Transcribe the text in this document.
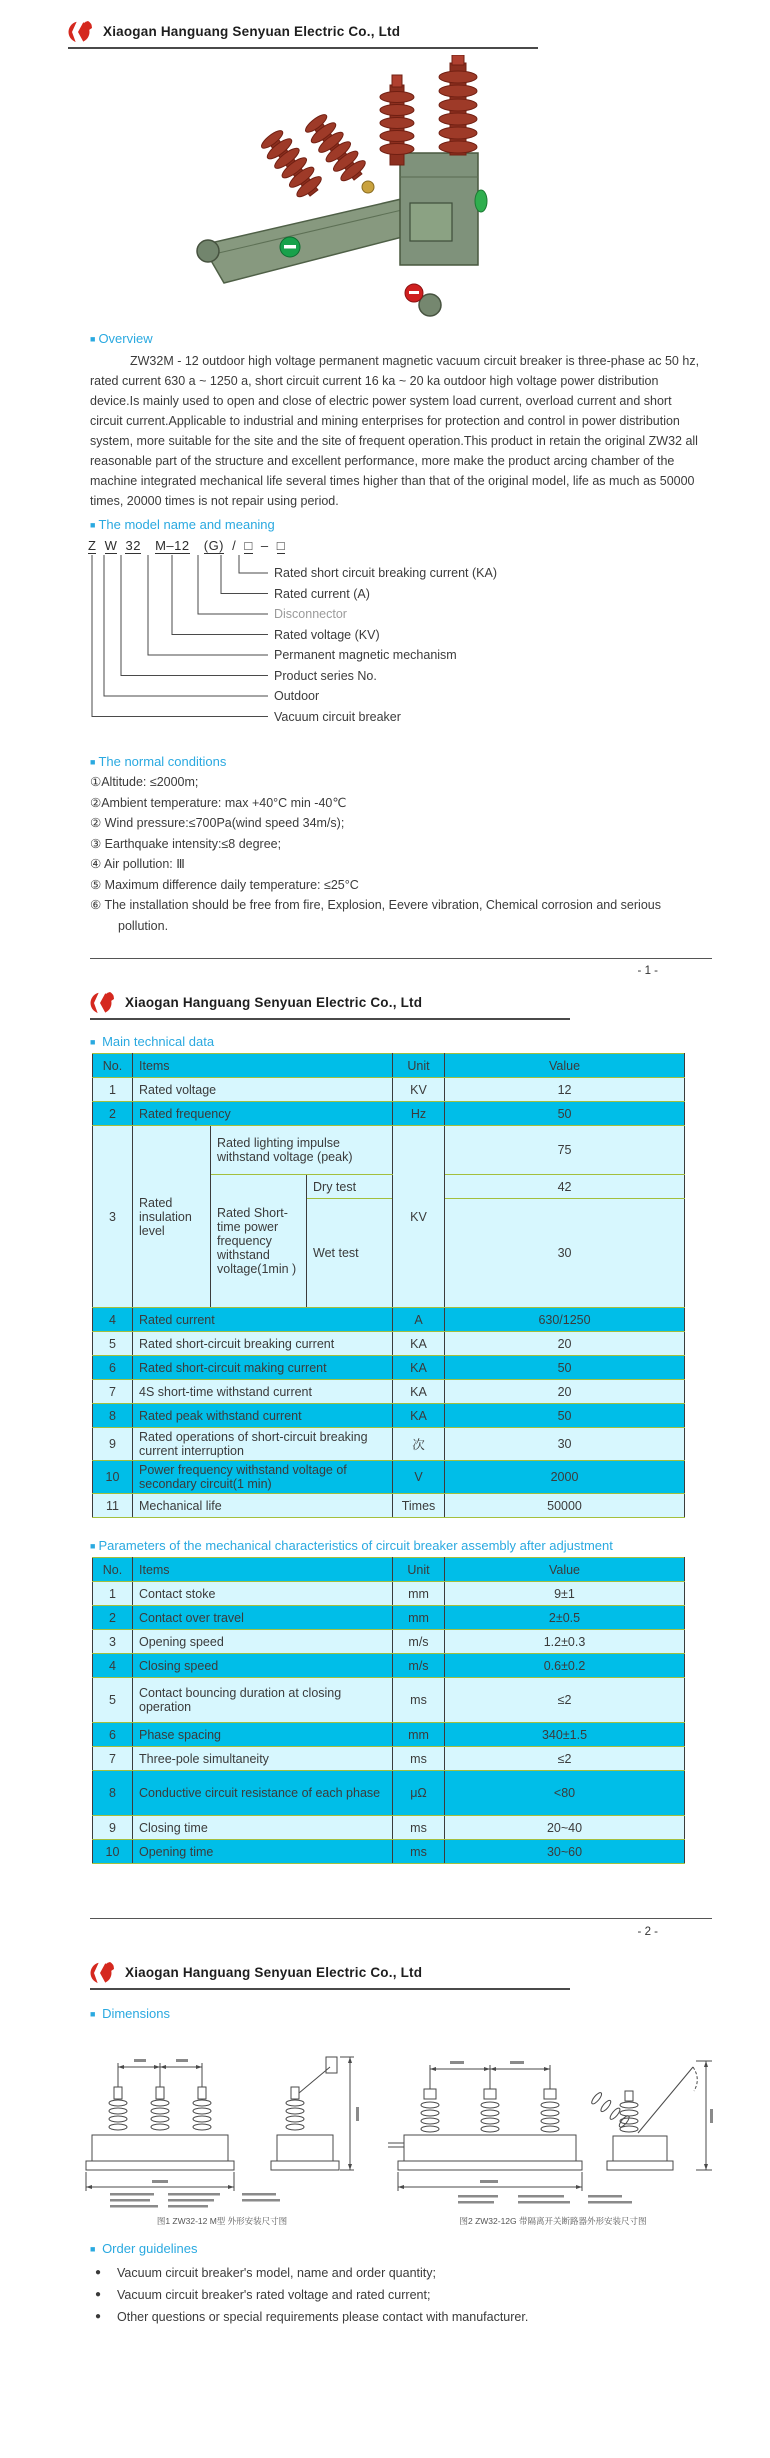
Xiaogan Hanguang Senyuan Electric Co., Ltd
■ Overview
ZW32M - 12 outdoor high voltage permanent magnetic vacuum circuit breaker is three-phase ac 50 hz, rated current 630 a ~ 1250 a, short circuit current 16 ka ~ 20 ka outdoor high voltage power distribution device.Is mainly used to open and close of electric power system load current, overload current and short circuit current.Applicable to industrial and mining enterprises for protection and control in power distribution system, more suitable for the site and the site of frequent operation.This product in retain the original ZW32 all reasonable part of the structure and excellent performance, more make the product arcing chamber of the machine integrated mechanical life several times higher than that of the original model, life as much as 50000 times, 20000 times is not repair using period.
■ The model name and meaning
Z W 32 M–12 (G) / □ – □
Rated short circuit breaking current (KA)
Rated current (A)
Disconnector
Rated voltage (KV)
Permanent magnetic mechanism
Product series No.
Outdoor
Vacuum circuit breaker
■ The normal conditions
①Altitude: ≤2000m;
②Ambient temperature: max +40°C min -40℃
② Wind pressure:≤700Pa(wind speed 34m/s);
③ Earthquake intensity:≤8 degree;
④ Air pollution: Ⅲ
⑤ Maximum difference daily temperature: ≤25°C
⑥ The installation should be free from fire, Explosion, Eevere vibration, Chemical corrosion and serious pollution.
- 1 -
Xiaogan Hanguang Senyuan Electric Co., Ltd
■ Main technical data
No.	Items			Unit	Value
1	Rated voltage			KV	12
2	Rated frequency			Hz	50
3	Rated insulation level	Rated lighting impulse withstand voltage (peak)		KV	75
		Rated Short-time power frequency withstand voltage(1min )	Dry test		42
			Wet test		30
4	Rated current			A	630/1250
5	Rated short-circuit breaking current			KA	20
6	Rated short-circuit making current			KA	50
7	4S short-time withstand current			KA	20
8	Rated peak withstand current			KA	50
9	Rated operations of short-circuit breaking current interruption			次	30
10	Power frequency withstand voltage of secondary circuit(1 min)			V	2000
11	Mechanical life			Times	50000
■ Parameters of the mechanical characteristics of circuit breaker assembly after adjustment
No.	Items	Unit	Value
1	Contact stoke	mm	9±1
2	Contact over travel	mm	2±0.5
3	Opening speed	m/s	1.2±0.3
4	Closing speed	m/s	0.6±0.2
5	Contact bouncing duration at closing operation	ms	≤2
6	Phase spacing	mm	340±1.5
7	Three-pole simultaneity	ms	≤2
8	Conductive circuit resistance of each phase	μΩ	<80
9	Closing time	ms	20~40
10	Opening time	ms	30~60
- 2 -
Xiaogan Hanguang Senyuan Electric Co., Ltd
■ Dimensions
图1 ZW32-12 M型 外形安装尺寸图	图2 ZW32-12G 带隔离开关断路器外形安装尺寸图
■ Order guidelines
●	Vacuum circuit breaker's model, name and order quantity;
●	Vacuum circuit breaker's rated voltage and rated current;
●	Other questions or special requirements please contact with manufacturer.
